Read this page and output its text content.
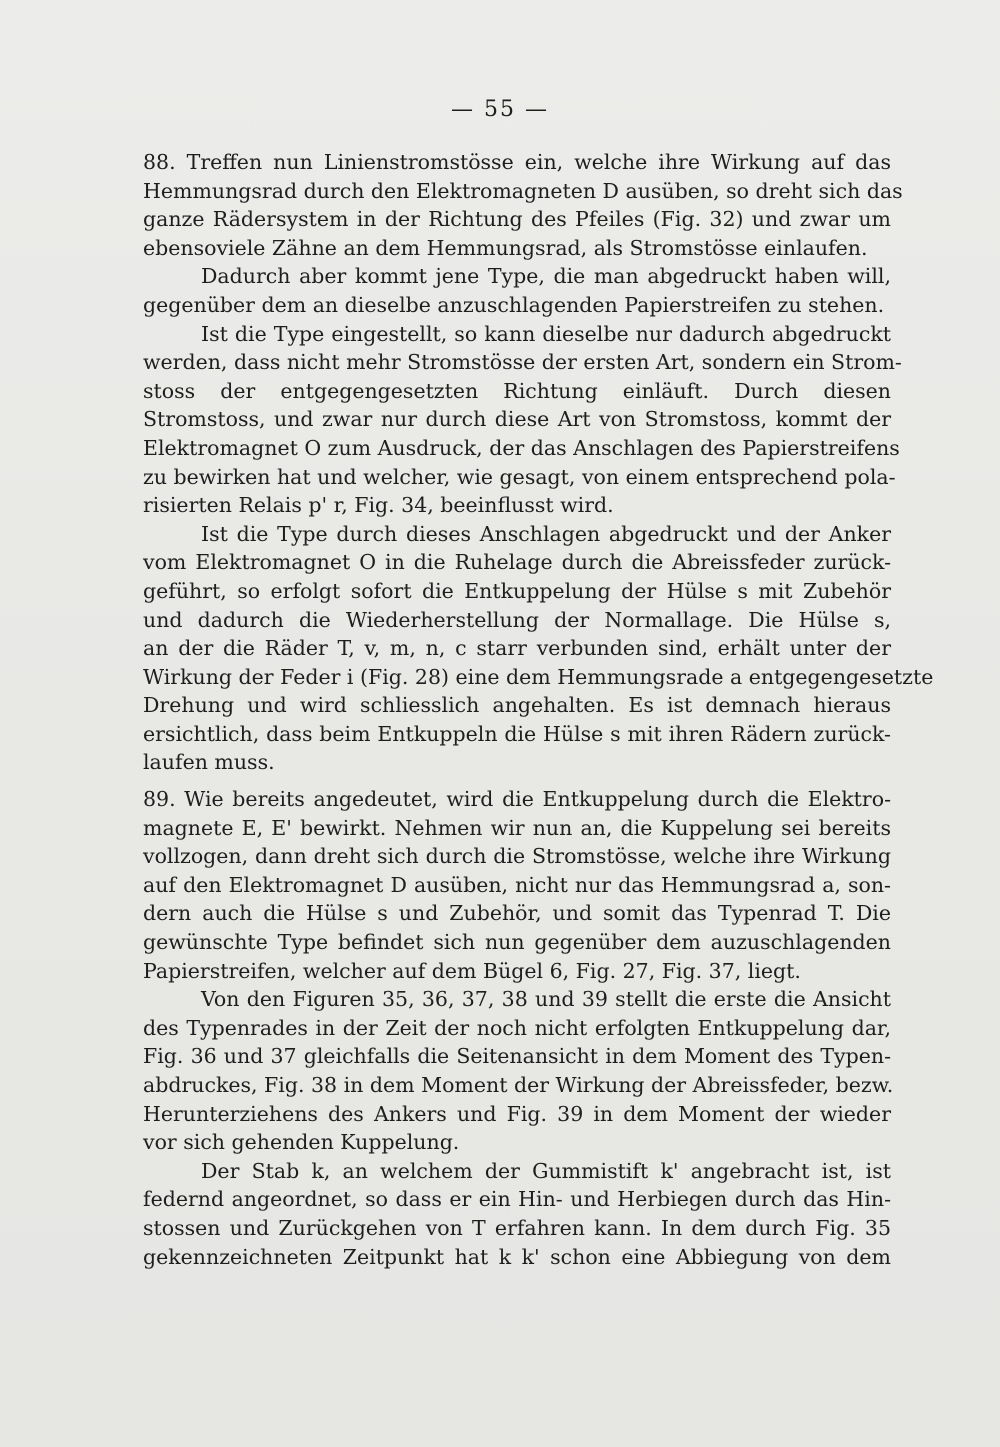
— 55 —
88. Treffen nun Linienstromstösse ein, welche ihre Wirkung auf das
Hemmungsrad durch den Elektromagneten D ausüben, so dreht sich das
ganze Rädersystem in der Richtung des Pfeiles (Fig. 32) und zwar um
ebensoviele Zähne an dem Hemmungsrad, als Stromstösse einlaufen.
Dadurch aber kommt jene Type, die man abgedruckt haben will,
gegenüber dem an dieselbe anzuschlagenden Papierstreifen zu stehen.
Ist die Type eingestellt, so kann dieselbe nur dadurch abgedruckt
werden, dass nicht mehr Stromstösse der ersten Art, sondern ein Strom-
stoss der entgegengesetzten Richtung einläuft. Durch diesen
Stromstoss, und zwar nur durch diese Art von Stromstoss, kommt der
Elektromagnet O zum Ausdruck, der das Anschlagen des Papierstreifens
zu bewirken hat und welcher, wie gesagt, von einem entsprechend pola-
risierten Relais p' r, Fig. 34, beeinflusst wird.
Ist die Type durch dieses Anschlagen abgedruckt und der Anker
vom Elektromagnet O in die Ruhelage durch die Abreissfeder zurück-
geführt, so erfolgt sofort die Entkuppelung der Hülse s mit Zubehör
und dadurch die Wiederherstellung der Normallage. Die Hülse s,
an der die Räder T, v, m, n, c starr verbunden sind, erhält unter der
Wirkung der Feder i (Fig. 28) eine dem Hemmungsrade a entgegengesetzte
Drehung und wird schliesslich angehalten. Es ist demnach hieraus
ersichtlich, dass beim Entkuppeln die Hülse s mit ihren Rädern zurück-
laufen muss.
89. Wie bereits angedeutet, wird die Entkuppelung durch die Elektro-
magnete E, E' bewirkt. Nehmen wir nun an, die Kuppelung sei bereits
vollzogen, dann dreht sich durch die Stromstösse, welche ihre Wirkung
auf den Elektromagnet D ausüben, nicht nur das Hemmungsrad a, son-
dern auch die Hülse s und Zubehör, und somit das Typenrad T. Die
gewünschte Type befindet sich nun gegenüber dem auzuschlagenden
Papierstreifen, welcher auf dem Bügel 6, Fig. 27, Fig. 37, liegt.
Von den Figuren 35, 36, 37, 38 und 39 stellt die erste die Ansicht
des Typenrades in der Zeit der noch nicht erfolgten Entkuppelung dar,
Fig. 36 und 37 gleichfalls die Seitenansicht in dem Moment des Typen-
abdruckes, Fig. 38 in dem Moment der Wirkung der Abreissfeder, bezw.
Herunterziehens des Ankers und Fig. 39 in dem Moment der wieder
vor sich gehenden Kuppelung.
Der Stab k, an welchem der Gummistift k' angebracht ist, ist
federnd angeordnet, so dass er ein Hin- und Herbiegen durch das Hin-
stossen und Zurückgehen von T erfahren kann. In dem durch Fig. 35
gekennzeichneten Zeitpunkt hat k k' schon eine Abbiegung von dem
